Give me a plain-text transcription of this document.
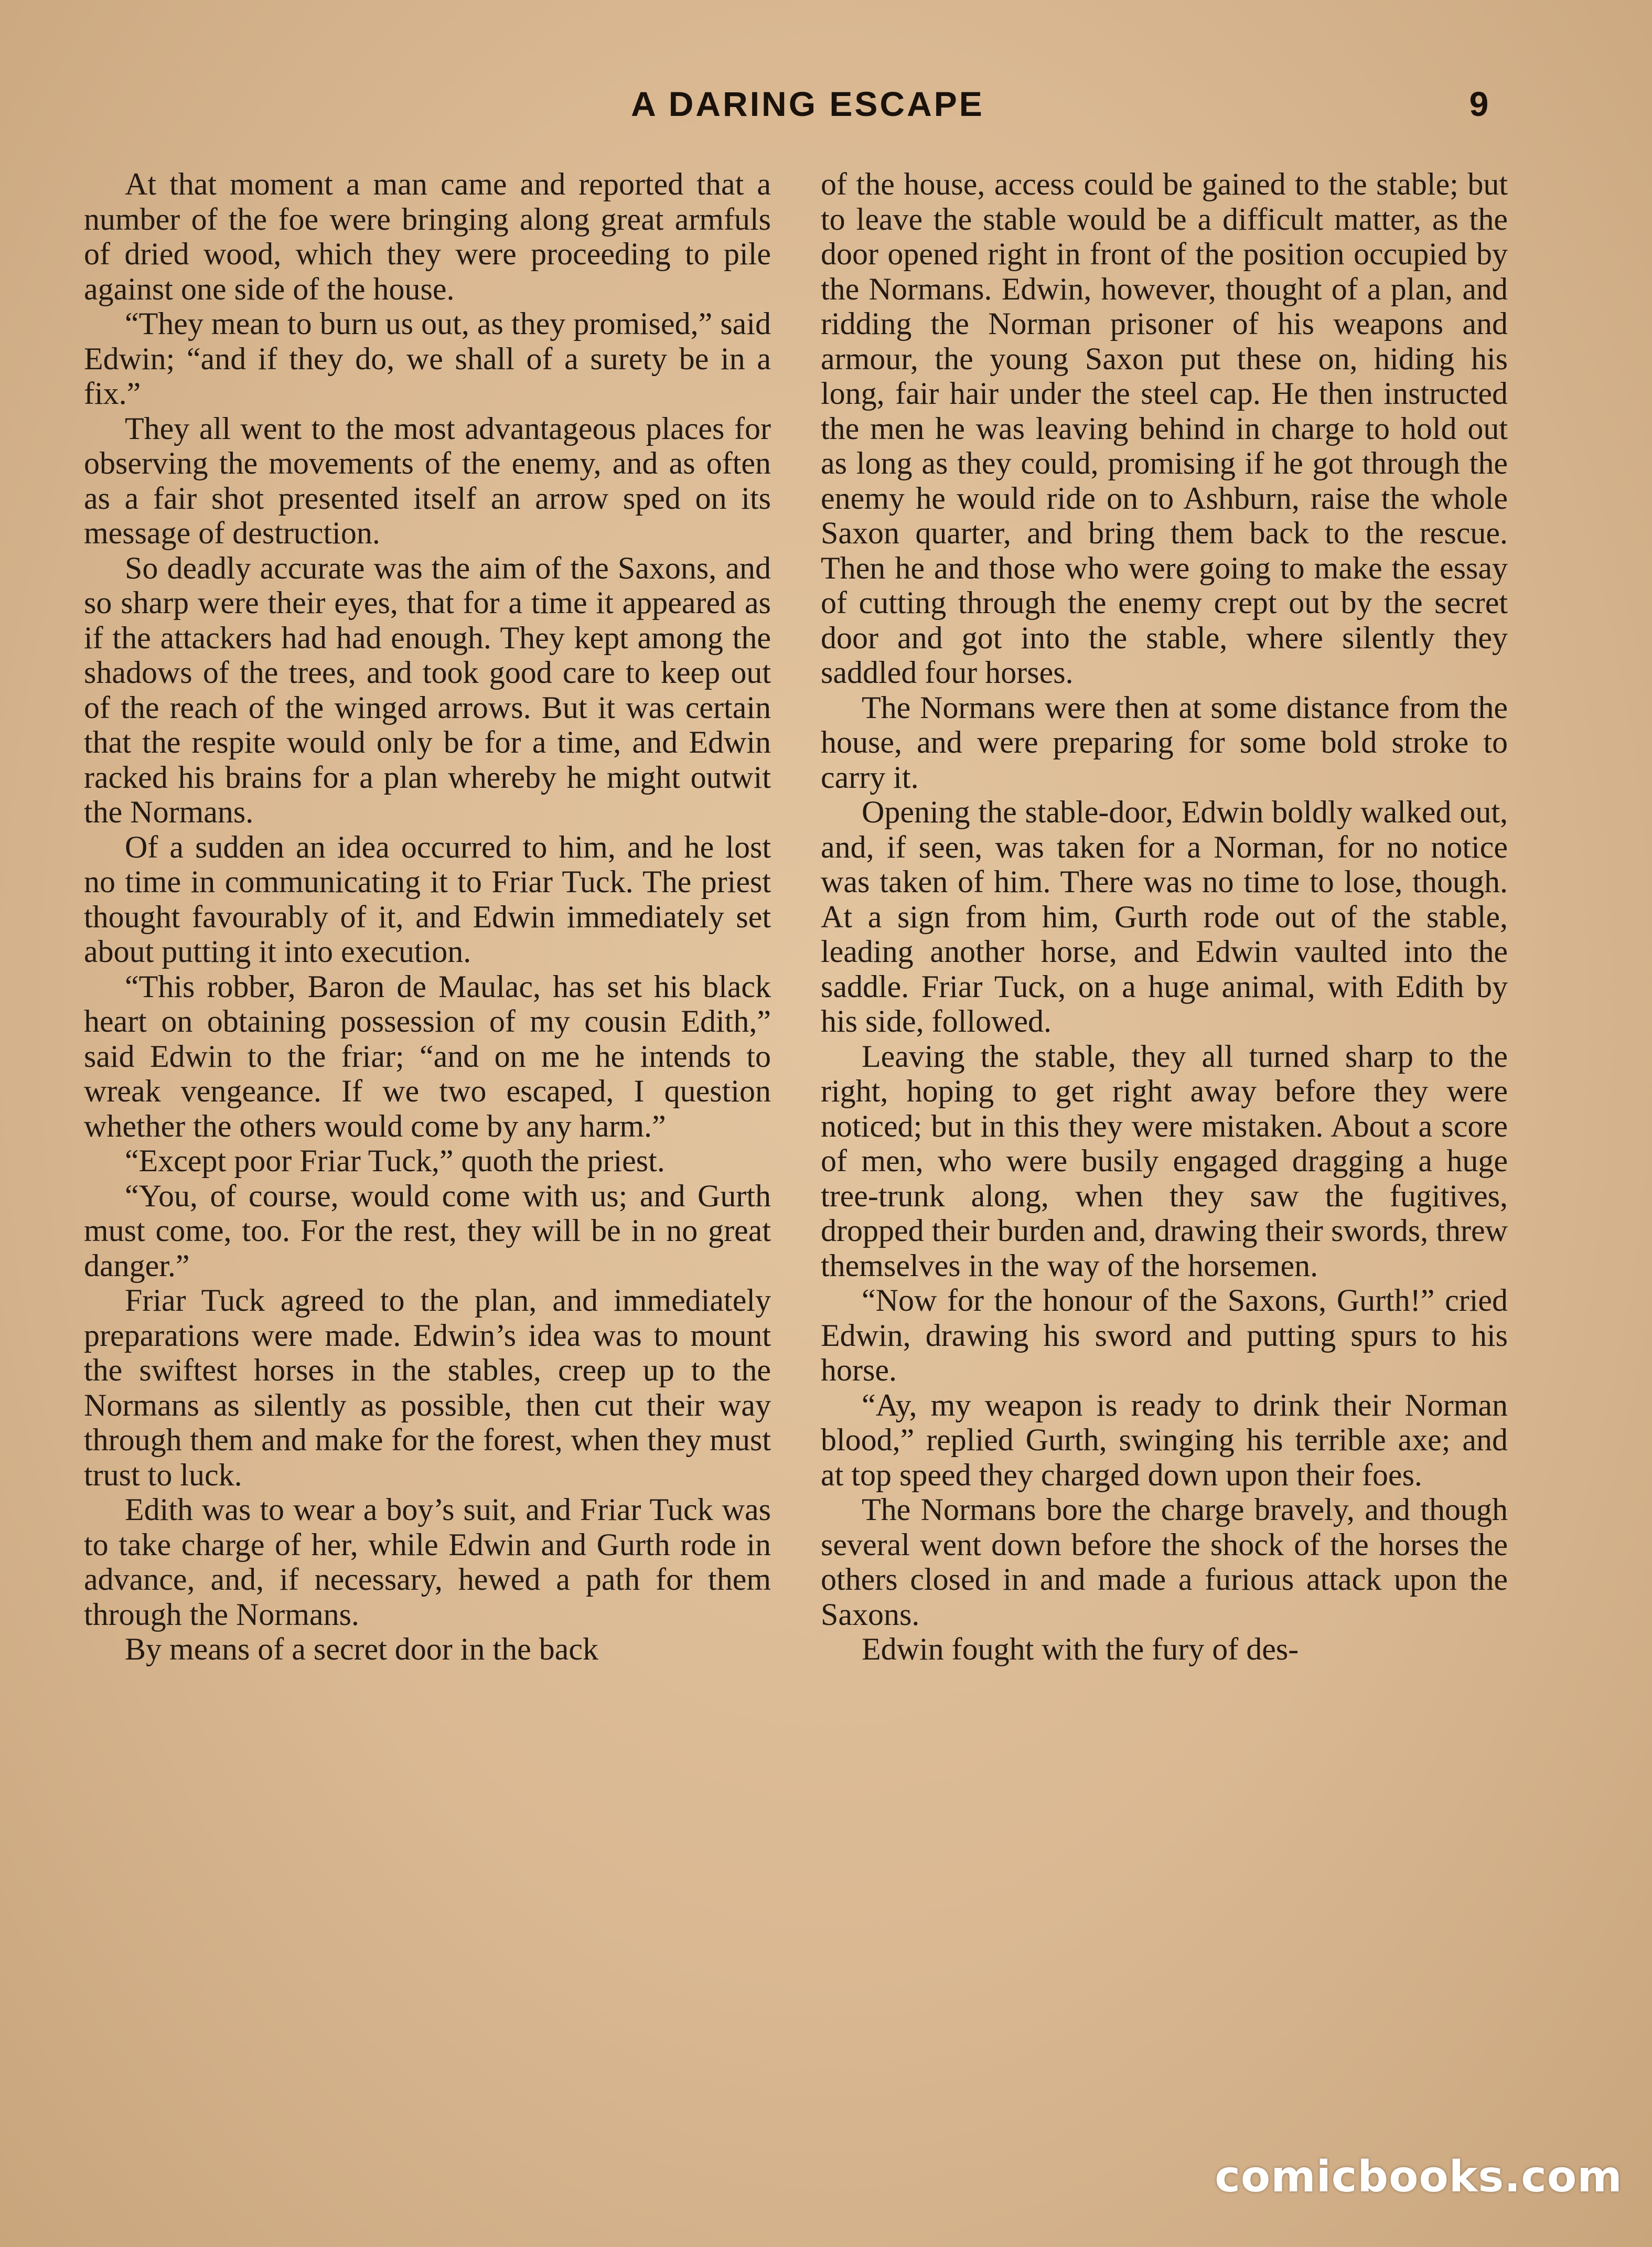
A DARING ESCAPE	9

At that moment a man came and reported that a number of the foe were bringing along great armfuls of dried wood, which they were proceeding to pile against one side of the house.

“They mean to burn us out, as they promised,” said Edwin; “and if they do, we shall of a surety be in a fix.”

They all went to the most advantageous places for observing the movements of the enemy, and as often as a fair shot presented itself an arrow sped on its message of destruction.

So deadly accurate was the aim of the Saxons, and so sharp were their eyes, that for a time it appeared as if the attackers had had enough. They kept among the shadows of the trees, and took good care to keep out of the reach of the winged arrows. But it was certain that the respite would only be for a time, and Edwin racked his brains for a plan whereby he might outwit the Normans.

Of a sudden an idea occurred to him, and he lost no time in communicating it to Friar Tuck. The priest thought favourably of it, and Edwin immediately set about putting it into execution.

“This robber, Baron de Maulac, has set his black heart on obtaining possession of my cousin Edith,” said Edwin to the friar; “and on me he intends to wreak vengeance. If we two escaped, I question whether the others would come by any harm.”

“Except poor Friar Tuck,” quoth the priest.

“You, of course, would come with us; and Gurth must come, too. For the rest, they will be in no great danger.”

Friar Tuck agreed to the plan, and immediately preparations were made. Edwin’s idea was to mount the swiftest horses in the stables, creep up to the Normans as silently as possible, then cut their way through them and make for the forest, when they must trust to luck.

Edith was to wear a boy’s suit, and Friar Tuck was to take charge of her, while Edwin and Gurth rode in advance, and, if necessary, hewed a path for them through the Normans.

By means of a secret door in the back

of the house, access could be gained to the stable; but to leave the stable would be a difficult matter, as the door opened right in front of the position occupied by the Normans. Edwin, however, thought of a plan, and ridding the Norman prisoner of his weapons and armour, the young Saxon put these on, hiding his long, fair hair under the steel cap. He then instructed the men he was leaving behind in charge to hold out as long as they could, promising if he got through the enemy he would ride on to Ashburn, raise the whole Saxon quarter, and bring them back to the rescue. Then he and those who were going to make the essay of cutting through the enemy crept out by the secret door and got into the stable, where silently they saddled four horses.

The Normans were then at some distance from the house, and were preparing for some bold stroke to carry it.

Opening the stable-door, Edwin boldly walked out, and, if seen, was taken for a Norman, for no notice was taken of him. There was no time to lose, though. At a sign from him, Gurth rode out of the stable, leading another horse, and Edwin vaulted into the saddle. Friar Tuck, on a huge animal, with Edith by his side, followed.

Leaving the stable, they all turned sharp to the right, hoping to get right away before they were noticed; but in this they were mistaken. About a score of men, who were busily engaged dragging a huge tree-trunk along, when they saw the fugitives, dropped their burden and, drawing their swords, threw themselves in the way of the horsemen.

“Now for the honour of the Saxons, Gurth!” cried Edwin, drawing his sword and putting spurs to his horse.

“Ay, my weapon is ready to drink their Norman blood,” replied Gurth, swinging his terrible axe; and at top speed they charged down upon their foes.

The Normans bore the charge bravely, and though several went down before the shock of the horses the others closed in and made a furious attack upon the Saxons.

Edwin fought with the fury of des-

comicbooks.com
